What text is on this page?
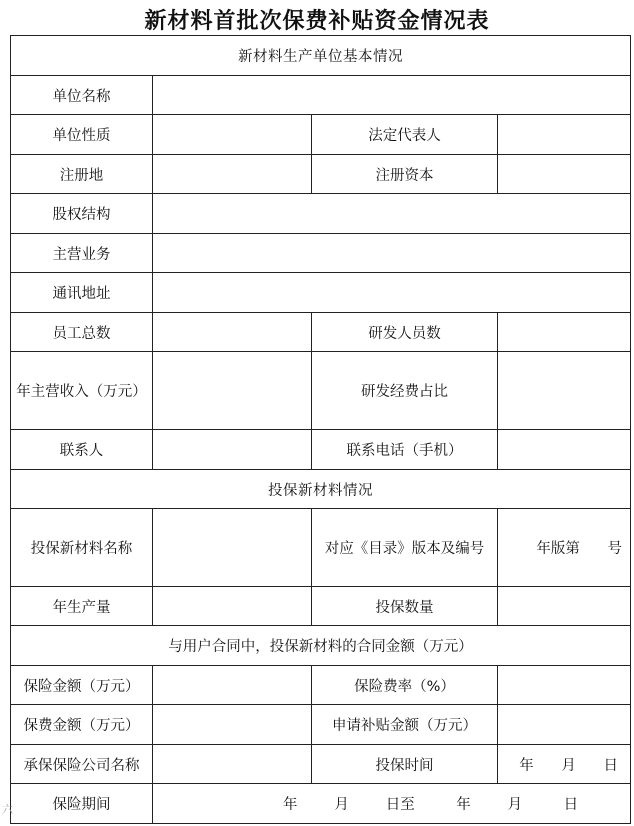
新材料首批次保费补贴资金情况表
新材料生产单位基本情况			
单位名称			
单位性质		法定代表人	
注册地		注册资本	
股权结构			
主营业务			
通讯地址			
员工总数		研发人员数	
年主营收入（万元）		研发经费占比	
联系人		联系电话（手机）	
投保新材料情况			
投保新材料名称		对应《目录》版本及编号	年版第 号
年生产量		投保数量	
与用户合同中，投保新材料的合同金额（万元）			
保险金额（万元）		保险费率（%）	
保费金额（万元）		申请补贴金额（万元）	
承保保险公司名称		投保时间	年 月 日
保险期间	年 月 日至 年 月 日		
六
